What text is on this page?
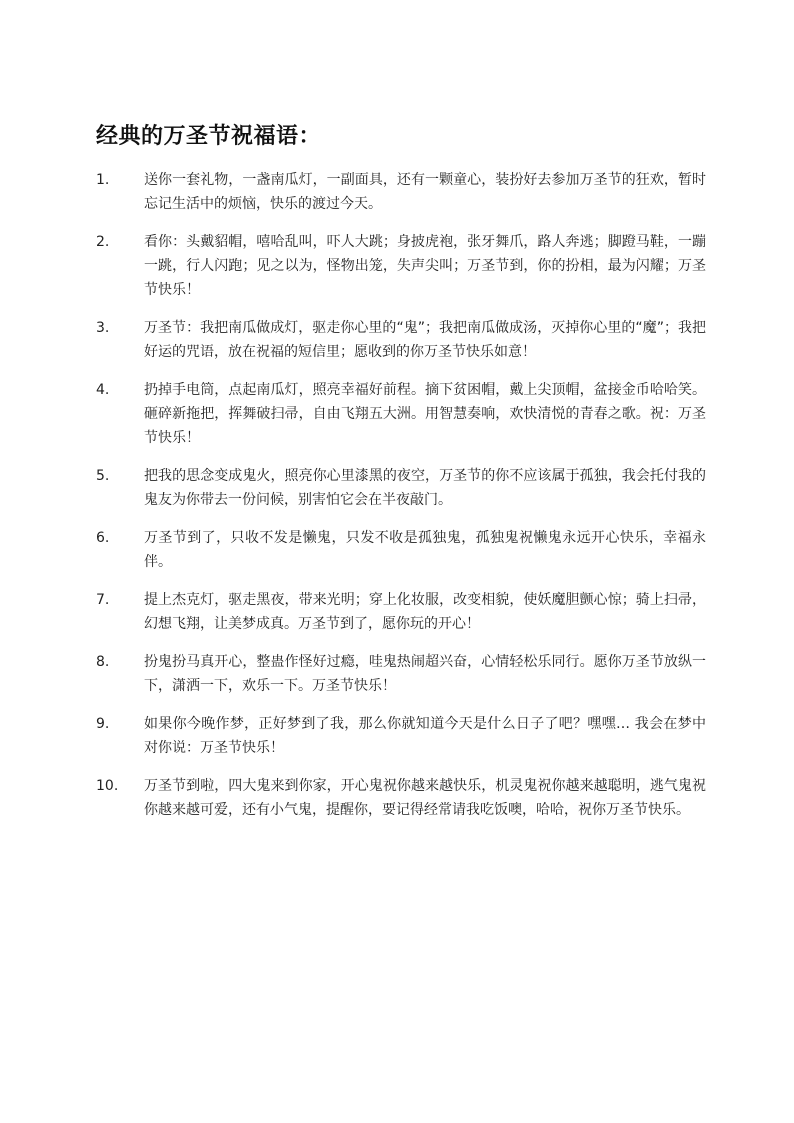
经典的万圣节祝福语：
1.	送你一套礼物，一盏南瓜灯，一副面具，还有一颗童心，装扮好去参加万圣节的狂欢，暂时忘记生活中的烦恼，快乐的渡过今天。
2.	看你：头戴貂帽，嘻哈乱叫，吓人大跳；身披虎袍，张牙舞爪，路人奔逃；脚蹬马鞋，一蹦一跳，行人闪跑；见之以为，怪物出笼，失声尖叫；万圣节到，你的扮相，最为闪耀；万圣节快乐！
3.	万圣节：我把南瓜做成灯，驱走你心里的“鬼”；我把南瓜做成汤，灭掉你心里的“魔”；我把好运的咒语，放在祝福的短信里；愿收到的你万圣节快乐如意！
4.	扔掉手电筒，点起南瓜灯，照亮幸福好前程。摘下贫困帽，戴上尖顶帽，盆接金币哈哈笑。砸碎新拖把，挥舞破扫帚，自由飞翔五大洲。用智慧奏响，欢快清悦的青春之歌。祝：万圣节快乐！
5.	把我的思念变成鬼火，照亮你心里漆黑的夜空，万圣节的你不应该属于孤独，我会托付我的鬼友为你带去一份问候，别害怕它会在半夜敲门。
6.	万圣节到了，只收不发是懒鬼，只发不收是孤独鬼，孤独鬼祝懒鬼永远开心快乐，幸福永伴。
7.	提上杰克灯，驱走黑夜，带来光明；穿上化妆服，改变相貌，使妖魔胆颤心惊；骑上扫帚，幻想飞翔，让美梦成真。万圣节到了，愿你玩的开心！
8.	扮鬼扮马真开心，整蛊作怪好过瘾，哇鬼热闹超兴奋，心情轻松乐同行。愿你万圣节放纵一下，潇洒一下，欢乐一下。万圣节快乐！
9.	如果你今晚作梦，正好梦到了我，那么你就知道今天是什么日子了吧？嘿嘿… 我会在梦中对你说：万圣节快乐！
10.	万圣节到啦，四大鬼来到你家，开心鬼祝你越来越快乐，机灵鬼祝你越来越聪明，逃气鬼祝你越来越可爱，还有小气鬼，提醒你，要记得经常请我吃饭噢，哈哈，祝你万圣节快乐。
